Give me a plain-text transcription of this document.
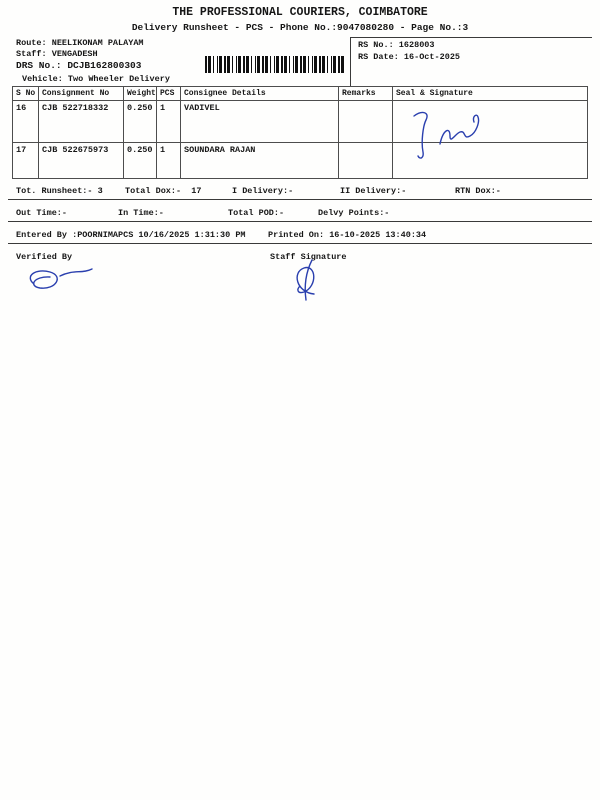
THE PROFESSIONAL COURIERS, COIMBATORE
Delivery Runsheet - PCS - Phone No.:9047080280 - Page No.:3
Route: NEELIKONAM PALAYAM
Staff: VENGADESH
DRS No.: DCJB162800303
Vehicle: Two Wheeler Delivery
RS No.: 1628003
RS Date: 16-Oct-2025
S No	Consignment No	Weight	PCS	Consignee Details	Remarks	Seal & Signature
16	CJB 522718332	0.250	1	VADIVEL		
17	CJB 522675973	0.250	1	SOUNDARA RAJAN		
Tot. Runsheet:- 3	Total Dox:-  17	I Delivery:-	II Delivery:-	RTN Dox:-
Out Time:-	In Time:-	Total POD:-	Delvy Points:-
Entered By :POORNIMAPCS 10/16/2025 1:31:30 PM	Printed On: 16-10-2025 13:40:34
Verified By	Staff Signature
